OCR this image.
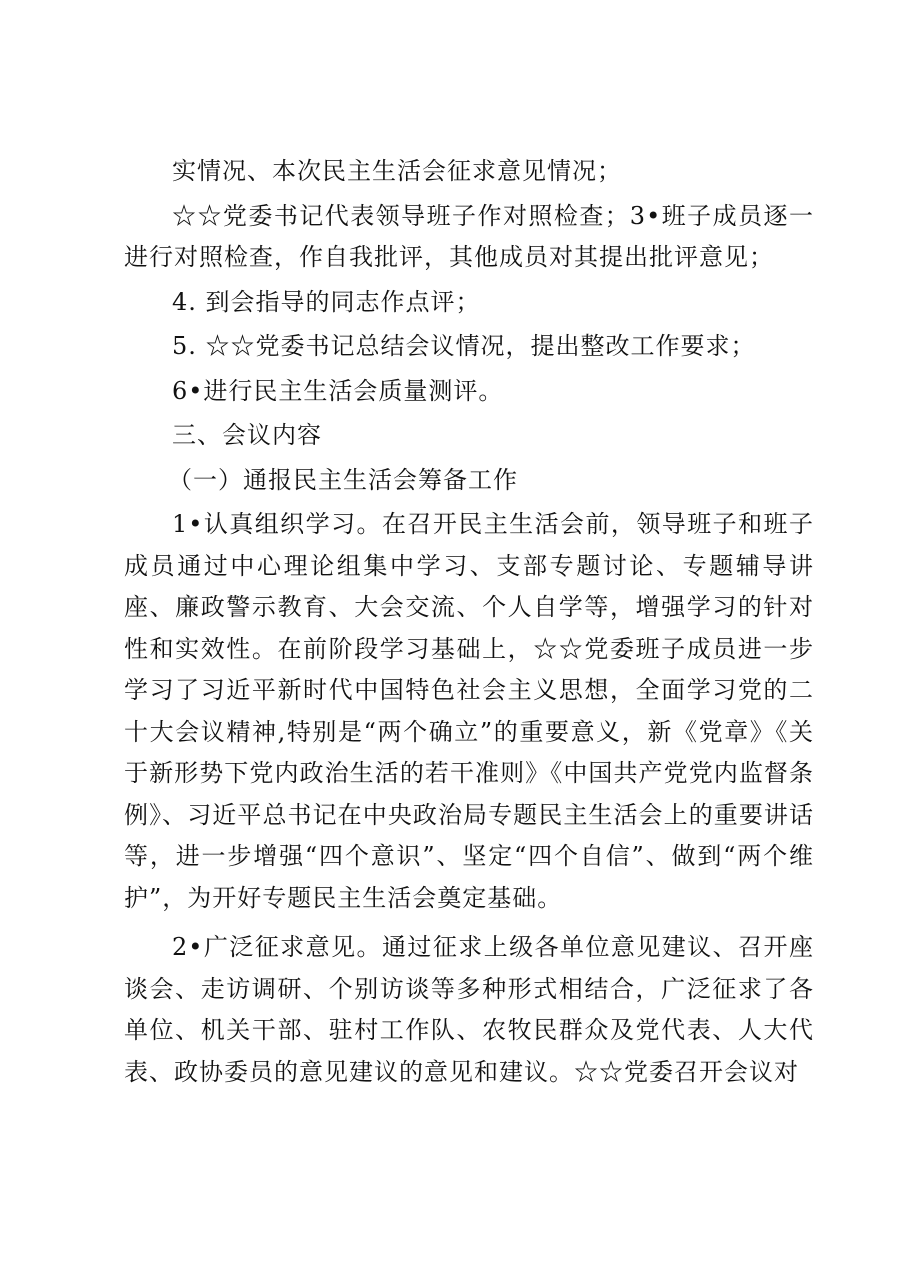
实情况、本次民主生活会征求意见情况；

☆☆党委书记代表领导班子作对照检查；3•班子成员逐一进行对照检查，作自我批评，其他成员对其提出批评意见；

4. 到会指导的同志作点评；

5. ☆☆党委书记总结会议情况，提出整改工作要求；

6•进行民主生活会质量测评。

三、会议内容

（一）通报民主生活会筹备工作

1•认真组织学习。在召开民主生活会前，领导班子和班子成员通过中心理论组集中学习、支部专题讨论、专题辅导讲座、廉政警示教育、大会交流、个人自学等，增强学习的针对性和实效性。在前阶段学习基础上，☆☆党委班子成员进一步学习了习近平新时代中国特色社会主义思想，全面学习党的二十大会议精神,特别是“两个确立”的重要意义，新《党章》《关于新形势下党内政治生活的若干准则》《中国共产党党内监督条例》、习近平总书记在中央政治局专题民主生活会上的重要讲话等，进一步增强“四个意识”、坚定“四个自信”、做到“两个维护”，为开好专题民主生活会奠定基础。

2•广泛征求意见。通过征求上级各单位意见建议、召开座谈会、走访调研、个别访谈等多种形式相结合，广泛征求了各单位、机关干部、驻村工作队、农牧民群众及党代表、人大代表、政协委员的意见建议的意见和建议。☆☆党委召开会议对
